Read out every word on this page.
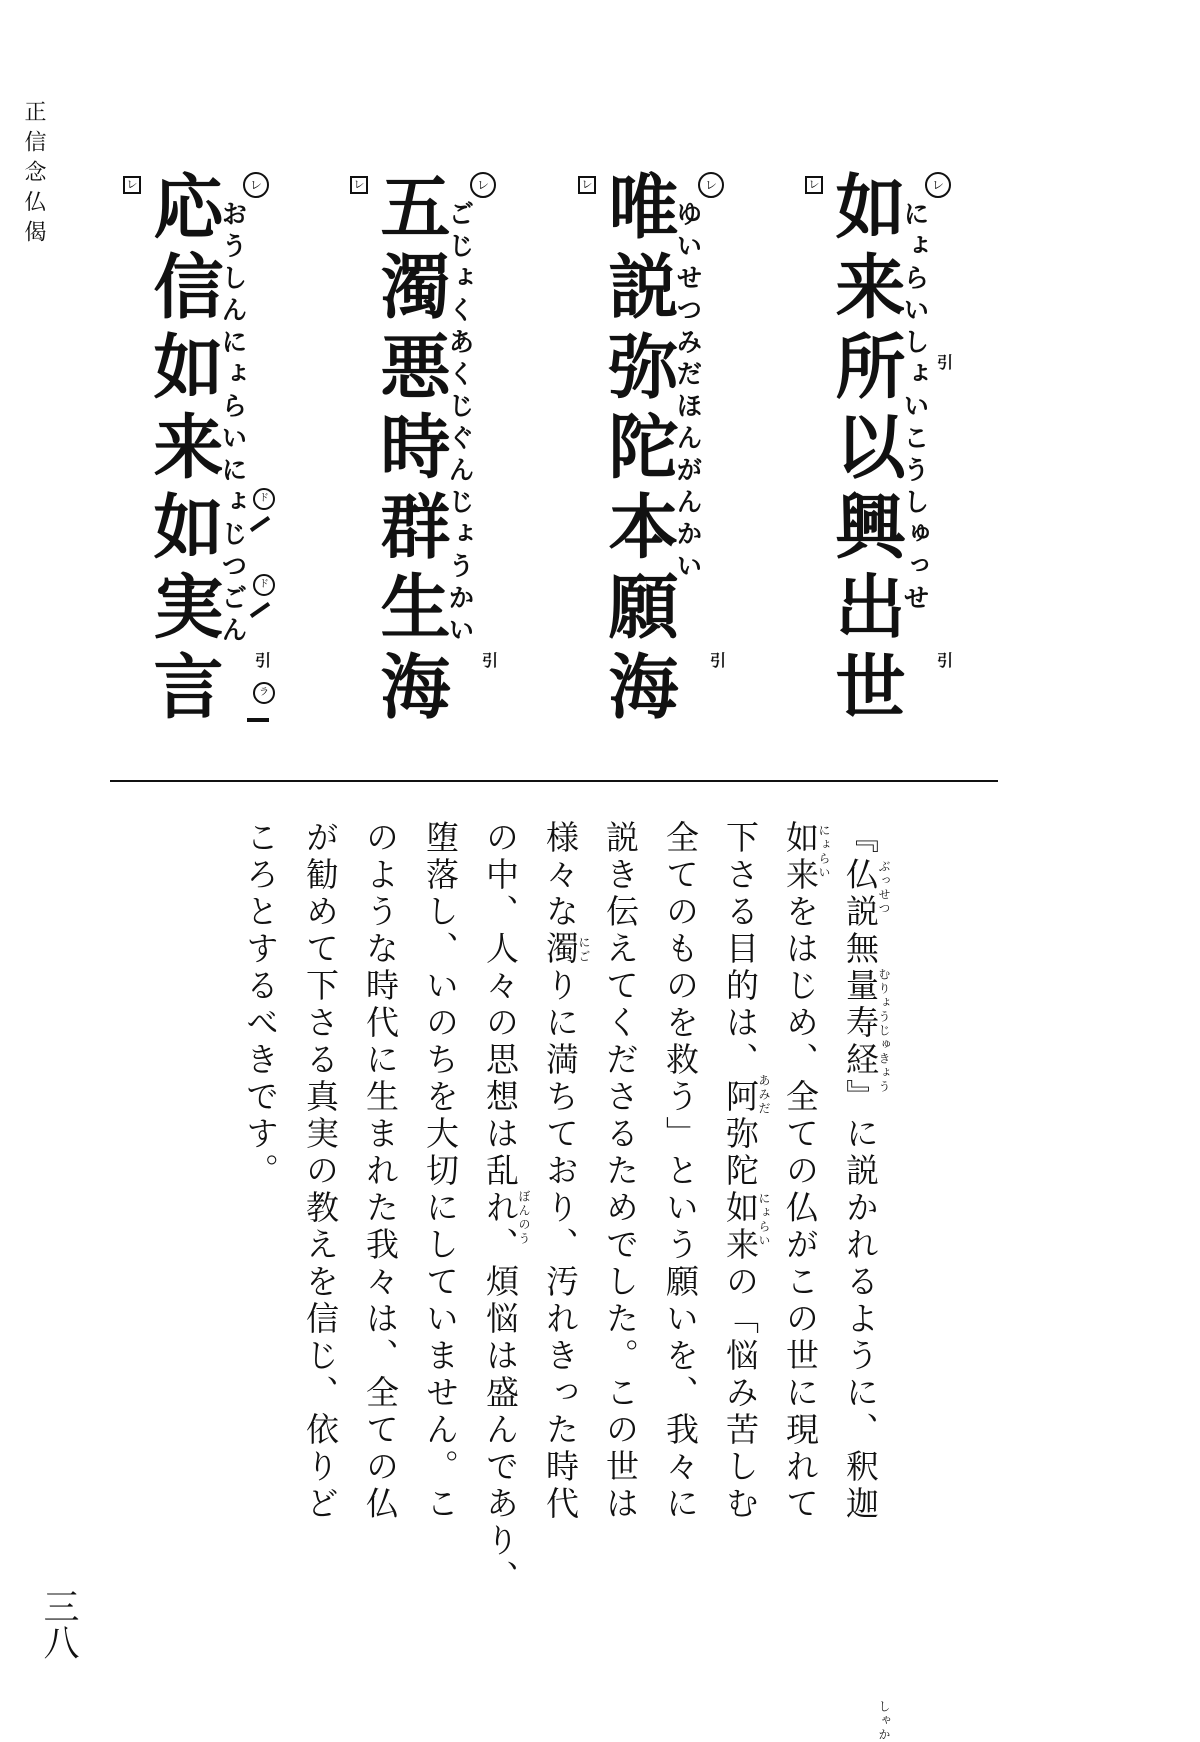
正信念仏偈	レ	レ
如来所以興出世
にょらいしょいこうしゅっせ 引
引
レ	レ
唯説弥陀本願海
ゆいせつみだほんがんかい
引
レ	レ
五濁悪時群生海
ごじょくあくじぐんじょうかい
引
レ	レ
応信如来如実言
おうしんにょらいにょじつごん	ド
ド
引
ラ
『仏説無量寿経』に説かれるように、釈迦
如来をはじめ、全ての仏がこの世に現れて
下さる目的は、阿弥陀如来の「悩み苦しむ
全てのものを救う」という願いを、我々に
説き伝えてくださるためでした。この世は
様々な濁りに満ちており、汚れきった時代
の中、人々の思想は乱れ、煩悩は盛んであり、
堕落し、いのちを大切にしていません。こ
のような時代に生まれた我々は、全ての仏
が勧めて下さる真実の教えを信じ、依りど
ころとするべきです。	ぶっせつ
むりょうじゅきょう
しゃか
にょらい
あみだ
にょらい
にご
ぼんのう
三八
